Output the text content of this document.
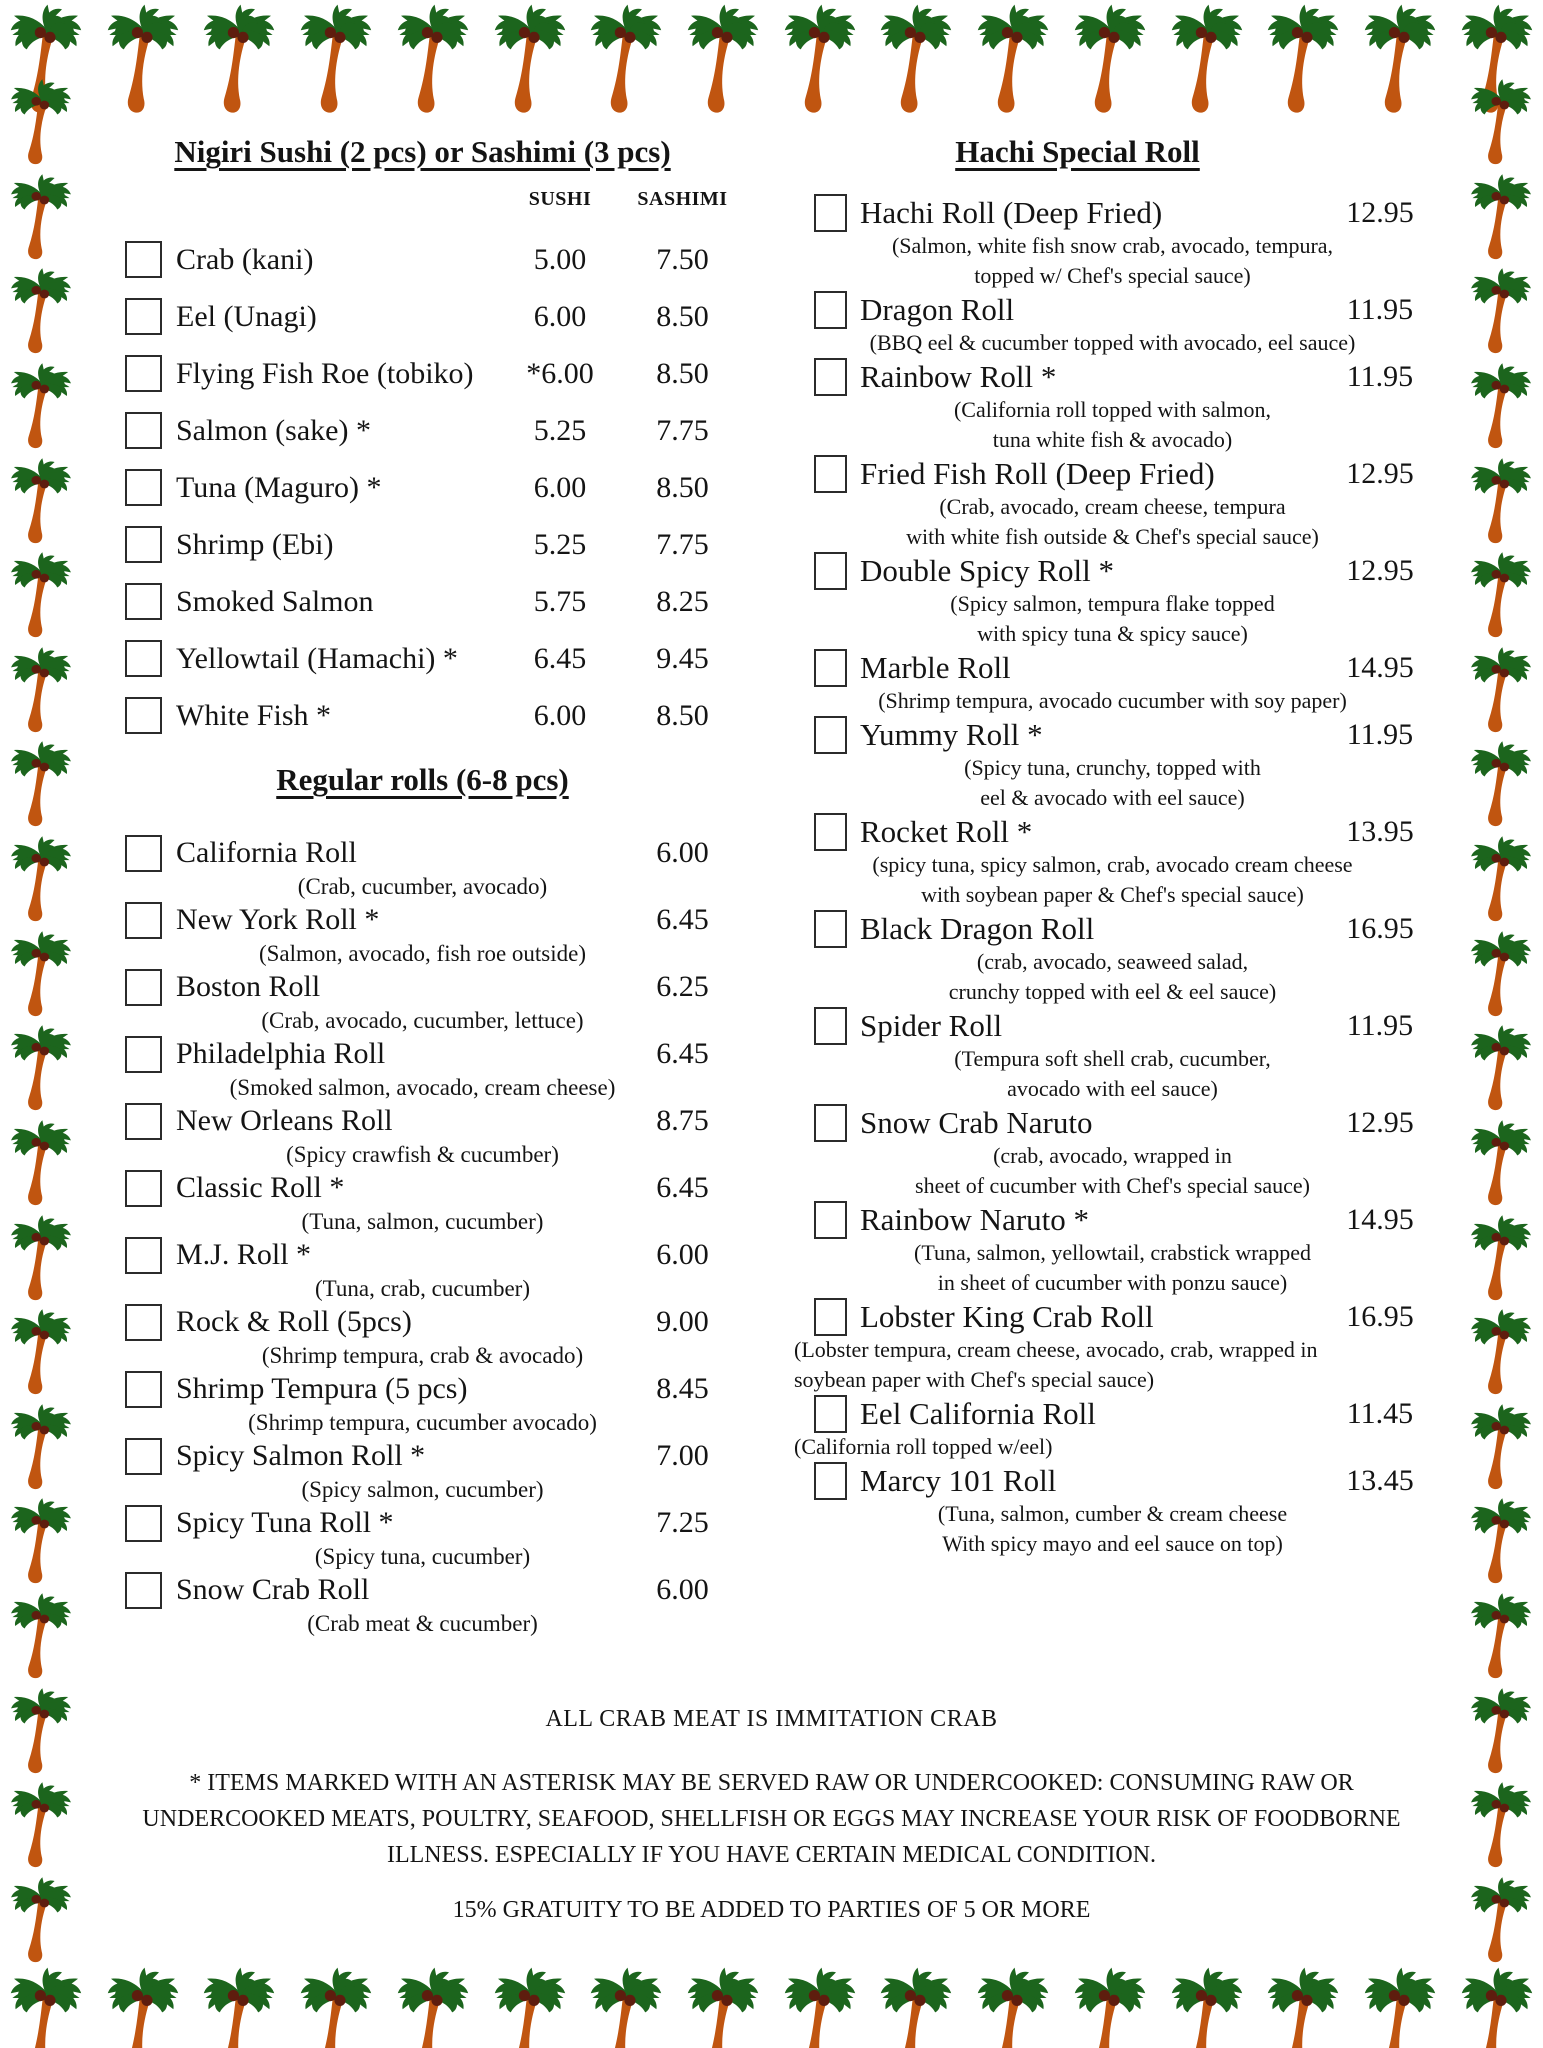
Nigiri Sushi (2 pcs) or Sashimi (3 pcs)
SUSHI	SASHIMI
Crab (kani)	5.00	7.50
Eel (Unagi)	6.00	8.50
Flying Fish Roe (tobiko)	*6.00	8.50
Salmon (sake) *	5.25	7.75
Tuna (Maguro) *	6.00	8.50
Shrimp (Ebi)	5.25	7.75
Smoked Salmon	5.75	8.25
Yellowtail (Hamachi) *	6.45	9.45
White Fish *	6.00	8.50
Regular rolls (6-8 pcs)
California Roll	6.00
(Crab, cucumber, avocado)
New York Roll *	6.45
(Salmon, avocado, fish roe outside)
Boston Roll	6.25
(Crab, avocado, cucumber, lettuce)
Philadelphia Roll	6.45
(Smoked salmon, avocado, cream cheese)
New Orleans Roll	8.75
(Spicy crawfish & cucumber)
Classic Roll *	6.45
(Tuna, salmon, cucumber)
M.J. Roll *	6.00
(Tuna, crab, cucumber)
Rock & Roll (5pcs)	9.00
(Shrimp tempura, crab & avocado)
Shrimp Tempura (5 pcs)	8.45
(Shrimp tempura, cucumber avocado)
Spicy Salmon Roll *	7.00
(Spicy salmon, cucumber)
Spicy Tuna Roll *	7.25
(Spicy tuna, cucumber)
Snow Crab Roll	6.00
(Crab meat & cucumber)
Hachi Special Roll
Hachi Roll (Deep Fried)	12.95
(Salmon, white fish snow crab, avocado, tempura,
topped w/ Chef's special sauce)
Dragon Roll	11.95
(BBQ eel & cucumber topped with avocado, eel sauce)
Rainbow Roll *	11.95
(California roll topped with salmon,
tuna white fish & avocado)
Fried Fish Roll (Deep Fried)	12.95
(Crab, avocado, cream cheese, tempura
with white fish outside & Chef's special sauce)
Double Spicy Roll *	12.95
(Spicy salmon, tempura flake topped
with spicy tuna & spicy sauce)
Marble Roll	14.95
(Shrimp tempura, avocado cucumber with soy paper)
Yummy Roll *	11.95
(Spicy tuna, crunchy, topped with
eel & avocado with eel sauce)
Rocket Roll *	13.95
(spicy tuna, spicy salmon, crab, avocado cream cheese
with soybean paper & Chef's special sauce)
Black Dragon Roll	16.95
(crab, avocado, seaweed salad,
crunchy topped with eel & eel sauce)
Spider Roll	11.95
(Tempura soft shell crab, cucumber,
avocado with eel sauce)
Snow Crab Naruto	12.95
(crab, avocado, wrapped in
sheet of cucumber with Chef's special sauce)
Rainbow Naruto *	14.95
(Tuna, salmon, yellowtail, crabstick wrapped
in sheet of cucumber with ponzu sauce)
Lobster King Crab Roll	16.95
(Lobster tempura, cream cheese, avocado, crab, wrapped in
soybean paper with Chef's special sauce)
Eel California Roll	11.45
(California roll topped w/eel)
Marcy 101 Roll	13.45
(Tuna, salmon, cumber & cream cheese
With spicy mayo and eel sauce on top)
ALL CRAB MEAT IS IMMITATION CRAB
* ITEMS MARKED WITH AN ASTERISK MAY BE SERVED RAW OR UNDERCOOKED: CONSUMING RAW OR
UNDERCOOKED MEATS, POULTRY, SEAFOOD, SHELLFISH OR EGGS MAY INCREASE YOUR RISK OF FOODBORNE
ILLNESS. ESPECIALLY IF YOU HAVE CERTAIN MEDICAL CONDITION.
15% GRATUITY TO BE ADDED TO PARTIES OF 5 OR MORE
